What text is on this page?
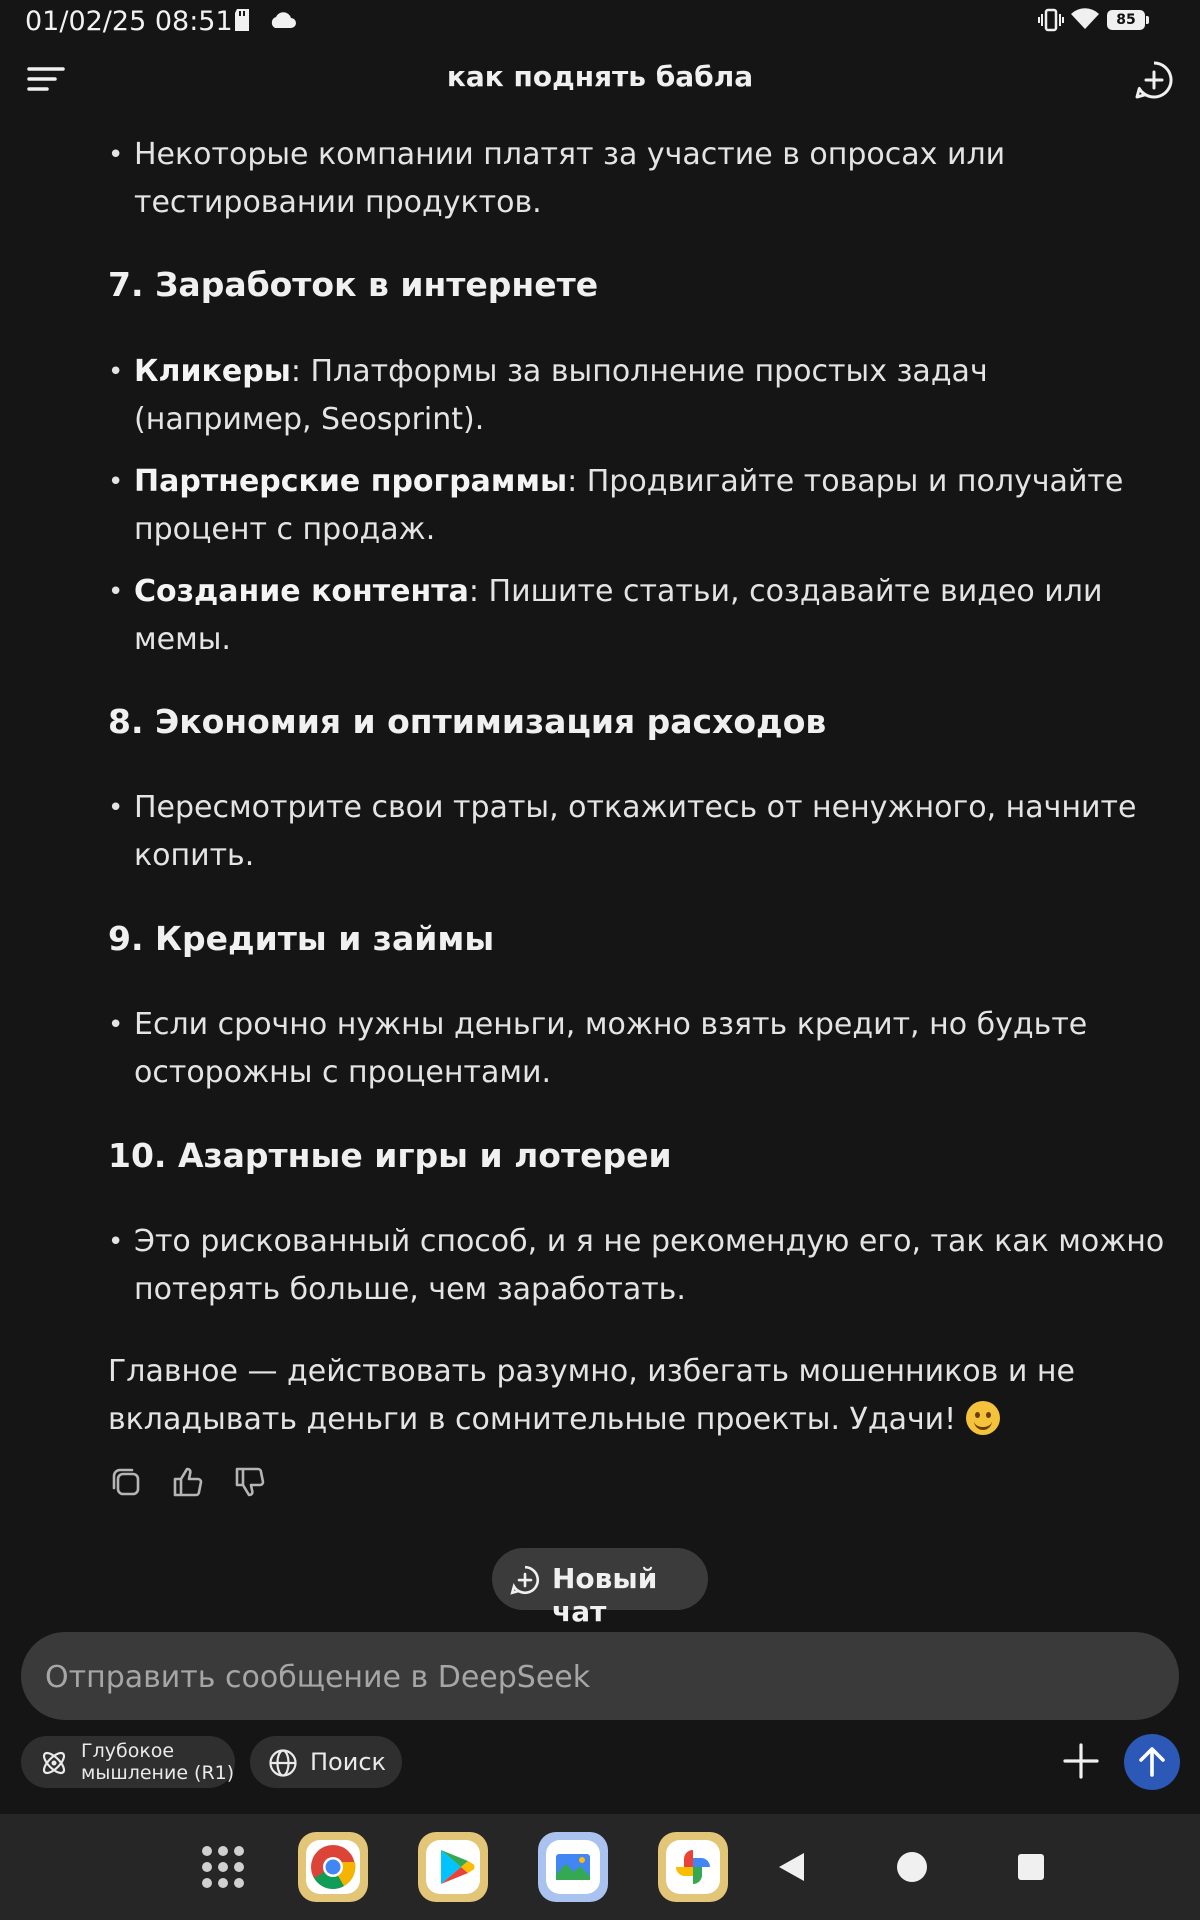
01/02/25 08:51	85
как поднять бабла
• Некоторые компании платят за участие в опросах или тестировании продуктов.
7. Заработок в интернете
• Кликеры: Платформы за выполнение простых задач (например, Seosprint).
• Партнерские программы: Продвигайте товары и получайте процент с продаж.
• Создание контента: Пишите статьи, создавайте видео или мемы.
8. Экономия и оптимизация расходов
• Пересмотрите свои траты, откажитесь от ненужного, начните копить.
9. Кредиты и займы
• Если срочно нужны деньги, можно взять кредит, но будьте осторожны с процентами.
10. Азартные игры и лотереи
• Это рискованный способ, и я не рекомендую его, так как можно потерять больше, чем заработать.
Главное — действовать разумно, избегать мошенников и не вкладывать деньги в сомнительные проекты. Удачи!
Новый чат
Отправить сообщение в DeepSeek
Глубокое
мышление (R1)	Поиск
